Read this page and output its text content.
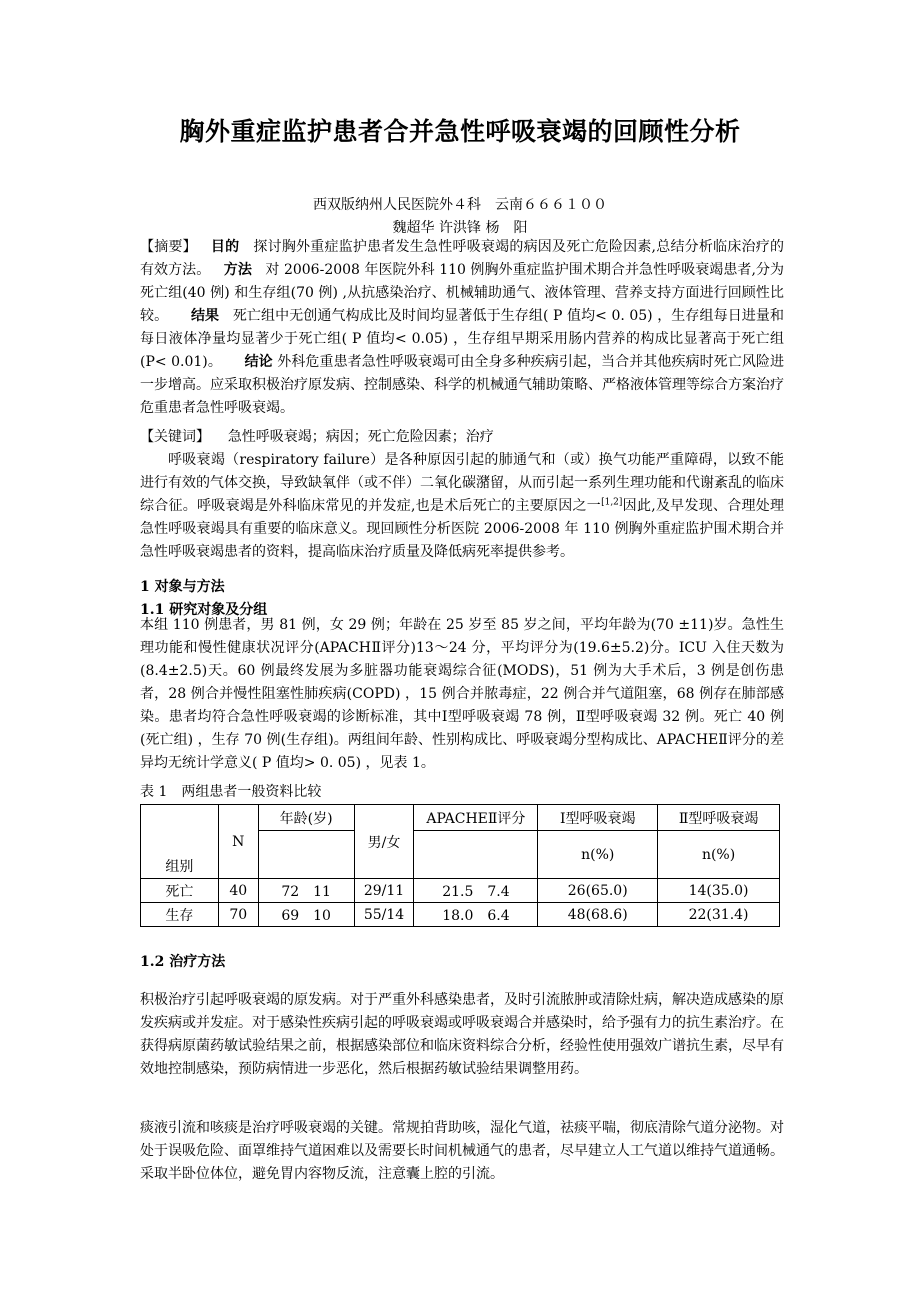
胸外重症监护患者合并急性呼吸衰竭的回顾性分析
西双版纳州人民医院外４科　云南６６６１００
魏超华 许洪锋 杨　阳
【摘要】 目的 探讨胸外重症监护患者发生急性呼吸衰竭的病因及死亡危险因素,总结分析临床治疗的有效方法。 方法 对 2006-2008 年医院外科 110 例胸外重症监护围术期合并急性呼吸衰竭患者,分为死亡组(40 例) 和生存组(70 例) ,从抗感染治疗、机械辅助通气、液体管理、营养支持方面进行回顾性比较。 结果 死亡组中无创通气构成比及时间均显著低于生存组( P 值均< 0. 05) ，生存组每日进量和每日液体净量均显著少于死亡组( P 值均< 0.05) ，生存组早期采用肠内营养的构成比显著高于死亡组(P< 0.01)。 结论 外科危重患者急性呼吸衰竭可由全身多种疾病引起，当合并其他疾病时死亡风险进一步增高。应采取积极治疗原发病、控制感染、科学的机械通气辅助策略、严格液体管理等综合方案治疗危重患者急性呼吸衰竭。
【关键词】 急性呼吸衰竭；病因；死亡危险因素；治疗
呼吸衰竭（respiratory failure）是各种原因引起的肺通气和（或）换气功能严重障碍，以致不能进行有效的气体交换，导致缺氧伴（或不伴）二氧化碳潴留，从而引起一系列生理功能和代谢紊乱的临床综合征。呼吸衰竭是外科临床常见的并发症,也是术后死亡的主要原因之一[1,2]因此,及早发现、合理处理急性呼吸衰竭具有重要的临床意义。现回顾性分析医院 2006-2008 年 110 例胸外重症监护围术期合并急性呼吸衰竭患者的资料，提高临床治疗质量及降低病死率提供参考。
1 对象与方法
1.1 研究对象及分组
本组 110 例患者，男 81 例，女 29 例；年龄在 25 岁至 85 岁之间，平均年龄为(70 ±11)岁。急性生理功能和慢性健康状况评分(APACHⅡ评分)13～24 分，平均评分为(19.6±5.2)分。ICU 入住天数为(8.4±2.5)天。60 例最终发展为多脏器功能衰竭综合征(MODS)，51 例为大手术后，3 例是创伤患者，28 例合并慢性阻塞性肺疾病(COPD) ，15 例合并脓毒症，22 例合并气道阻塞，68 例存在肺部感染。患者均符合急性呼吸衰竭的诊断标准，其中Ⅰ型呼吸衰竭 78 例，Ⅱ型呼吸衰竭 32 例。死亡 40 例(死亡组) ，生存 70 例(生存组)。两组间年龄、性别构成比、呼吸衰竭分型构成比、APACHEⅡ评分的差异均无统计学意义( P 值均> 0. 05) ，见表 1。
表 1　两组患者一般资料比较
组别	N	年龄(岁)	男/女	APACHEⅡ评分	Ⅰ型呼吸衰竭	Ⅱ型呼吸衰竭
					n(%)	n(%)
死亡	40	72　11	29/11	21.5　7.4	26(65.0)	14(35.0)
生存	70	69　10	55/14	18.0　6.4	48(68.6)	22(31.4)
1.2 治疗方法
积极治疗引起呼吸衰竭的原发病。对于严重外科感染患者，及时引流脓肿或清除灶病，解决造成感染的原发疾病或并发症。对于感染性疾病引起的呼吸衰竭或呼吸衰竭合并感染时，给予强有力的抗生素治疗。在获得病原菌药敏试验结果之前，根据感染部位和临床资料综合分析，经验性使用强效广谱抗生素，尽早有效地控制感染，预防病情进一步恶化，然后根据药敏试验结果调整用药。
痰液引流和咳痰是治疗呼吸衰竭的关键。常规拍背助咳，湿化气道，祛痰平喘，彻底清除气道分泌物。对处于误吸危险、面罩维持气道困难以及需要长时间机械通气的患者，尽早建立人工气道以维持气道通畅。采取半卧位体位，避免胃内容物反流，注意囊上腔的引流。
